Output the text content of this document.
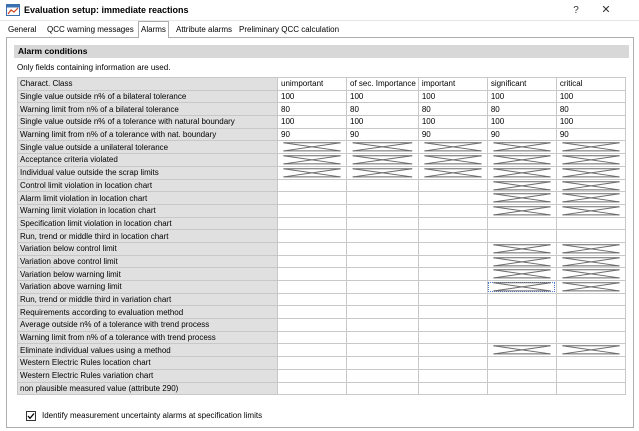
Evaluation setup: immediate reactions	?	✕
General QCC warning messages Alarms	Attribute alarms Preliminary QCC calculation
Alarm conditions
Only fields containing information are used.
Charact. Class	unimportant	of sec. Importance	important	significant	critical
Single value outside n% of a bilateral tolerance	100	100	100	100	100
Warning limit from n% of a bilateral tolerance	80	80	80	80	80
Single value outside n% of a tolerance with natural boundary	100	100	100	100	100
Warning limit from n% of a tolerance with nat. boundary	90	90	90	90	90
Single value outside a unilateral tolerance	

Acceptance criteria violated	

Individual value outside the scrap limits	

Control limit violation in location chart				

Alarm limit violation in location chart				

Warning limit violation in location chart				

Specification limit violation in location chart					
Run, trend or middle third in location chart					
Variation below control limit				

Variation above control limit				

Variation below warning limit				

Variation above warning limit				

Run, trend or middle third in variation chart					
Requirements according to evaluation method					
Average outside n% of a tolerance with trend process					
Warning limit from n% of a tolerance with trend process					
Eliminate individual values using a method				

Western Electric Rules location chart					
Western Electric Rules variation chart					
non plausible measured value (attribute 290)					
Identify measurement uncertainty alarms at specification limits
